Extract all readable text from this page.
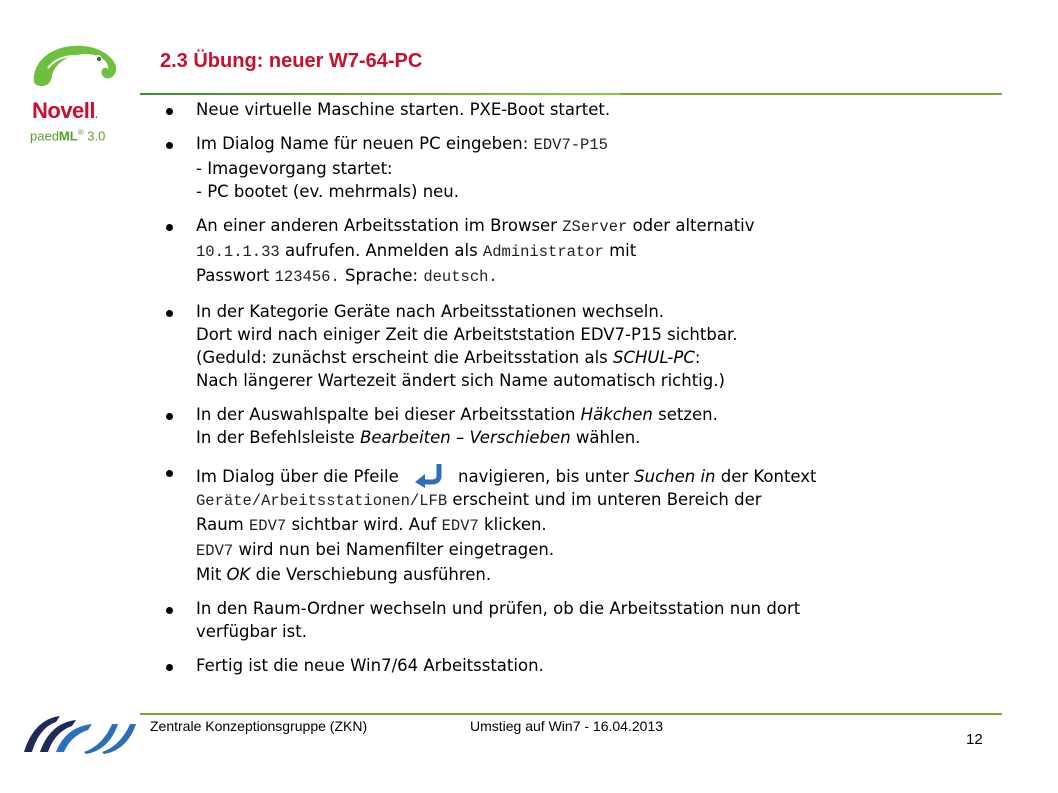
Novell.
paedML® 3.0
2.3 Übung: neuer W7-64-PC
Neue virtuelle Maschine starten. PXE-Boot startet.
Im Dialog Name für neuen PC eingeben: EDV7-P15
- Imagevorgang startet:
- PC bootet (ev. mehrmals) neu.
An einer anderen Arbeitsstation im Browser ZServer oder alternativ
10.1.1.33 aufrufen. Anmelden als Administrator mit
Passwort 123456. Sprache: deutsch.
In der Kategorie Geräte nach Arbeitsstationen wechseln.
Dort wird nach einiger Zeit die Arbeitststation EDV7-P15 sichtbar.
(Geduld: zunächst erscheint die Arbeitsstation als SCHUL-PC:
Nach längerer Wartezeit ändert sich Name automatisch richtig.)
In der Auswahlspalte bei dieser Arbeitsstation Häkchen setzen.
In der Befehlsleiste Bearbeiten – Verschieben wählen.
Im Dialog über die Pfeile	navigieren, bis unter Suchen in der Kontext
Geräte/Arbeitsstationen/LFB erscheint und im unteren Bereich der
Raum EDV7 sichtbar wird. Auf EDV7 klicken.
EDV7 wird nun bei Namenfilter eingetragen.
Mit OK die Verschiebung ausführen.
In den Raum-Ordner wechseln und prüfen, ob die Arbeitsstation nun dort
verfügbar ist.
Fertig ist die neue Win7/64 Arbeitsstation.
Zentrale Konzeptionsgruppe (ZKN)	Umstieg auf Win7 - 16.04.2013
12
